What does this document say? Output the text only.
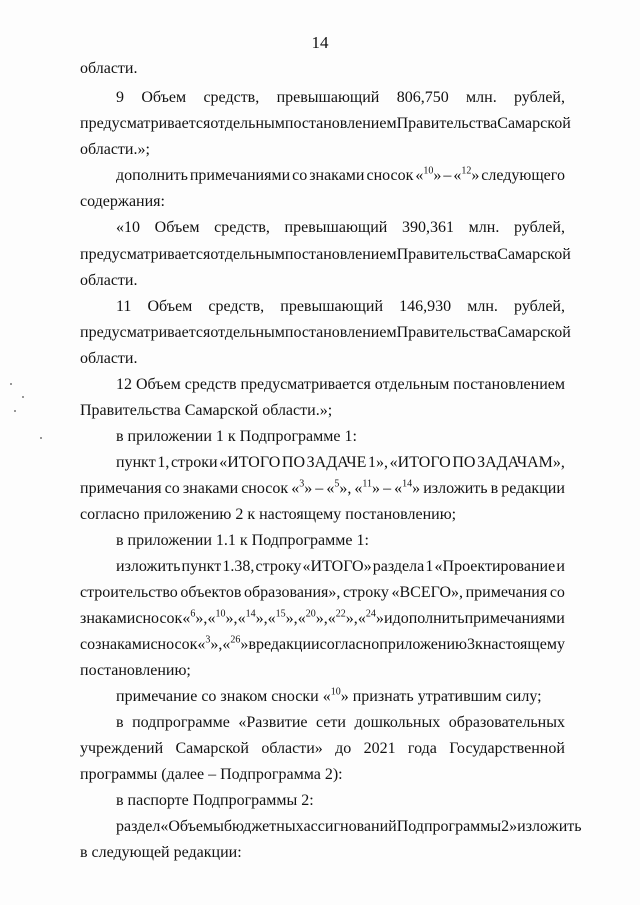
14
области.
9 Объем средств, превышающий 806,750 млн. рублей,
предусматривается отдельным постановлением Правительства Самарской
области.»;
дополнить примечаниями со знаками сносок «$^{10}$» – «$^{12}$» следующего
содержания:
«10 Объем средств, превышающий 390,361 млн. рублей,
предусматривается отдельным постановлением Правительства Самарской
области.
11 Объем средств, превышающий 146,930 млн. рублей,
предусматривается отдельным постановлением Правительства Самарской
области.
12 Объем средств предусматривается отдельным постановлением
Правительства Самарской области.»;
в приложении 1 к Подпрограмме 1:
пункт 1, строки «ИТОГО ПО ЗАДАЧЕ 1», «ИТОГО ПО ЗАДАЧАМ»,
примечания со знаками сносок «$^3$» – «$^5$», «$^{11}$» – «$^{14}$» изложить в редакции
согласно приложению 2 к настоящему постановлению;
в приложении 1.1 к Подпрограмме 1:
изложить пункт 1.38, строку «ИТОГО» раздела 1 «Проектирование и
строительство объектов образования», строку «ВСЕГО», примечания со
знаками сносок «$^6$», «$^{10}$», «$^{14}$», «$^{15}$», «$^{20}$», «$^{22}$», «$^{24}$» и дополнить примечаниями
со знаками сносок «$^3$», «$^{26}$» в редакции согласно приложению 3 к настоящему
постановлению;
примечание со знаком сноски «$^{10}$» признать утратившим силу;
в подпрограмме «Развитие сети дошкольных образовательных
учреждений Самарской области» до 2021 года Государственной
программы (далее – Подпрограмма 2):
в паспорте Подпрограммы 2:
раздел «Объемы бюджетных ассигнований Подпрограммы 2» изложить
в следующей редакции:
